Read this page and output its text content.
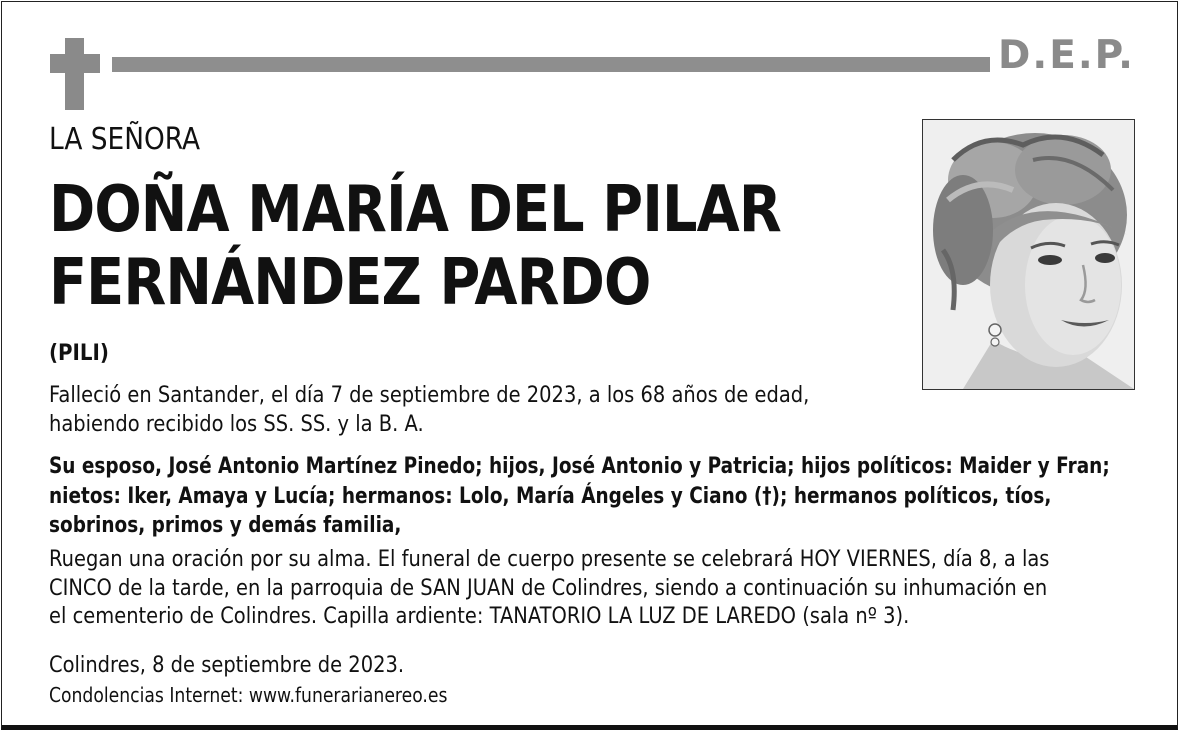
D.E.P.
LA SEÑORA
DOÑA MARÍA DEL PILAR
FERNÁNDEZ PARDO
(PILI)
Falleció en Santander, el día 7 de septiembre de 2023, a los 68 años de edad,
habiendo recibido los SS. SS. y la B. A.
Su esposo, José Antonio Martínez Pinedo; hijos, José Antonio y Patricia; hijos políticos: Maider y Fran;
nietos: Iker, Amaya y Lucía; hermanos: Lolo, María Ángeles y Ciano (†); hermanos políticos, tíos,
sobrinos, primos y demás familia,
Ruegan una oración por su alma. El funeral de cuerpo presente se celebrará HOY VIERNES, día 8, a las
CINCO de la tarde, en la parroquia de SAN JUAN de Colindres, siendo a continuación su inhumación en
el cementerio de Colindres. Capilla ardiente: TANATORIO LA LUZ DE LAREDO (sala nº 3).
Colindres, 8 de septiembre de 2023.
Condolencias Internet: www.funerarianereo.es
